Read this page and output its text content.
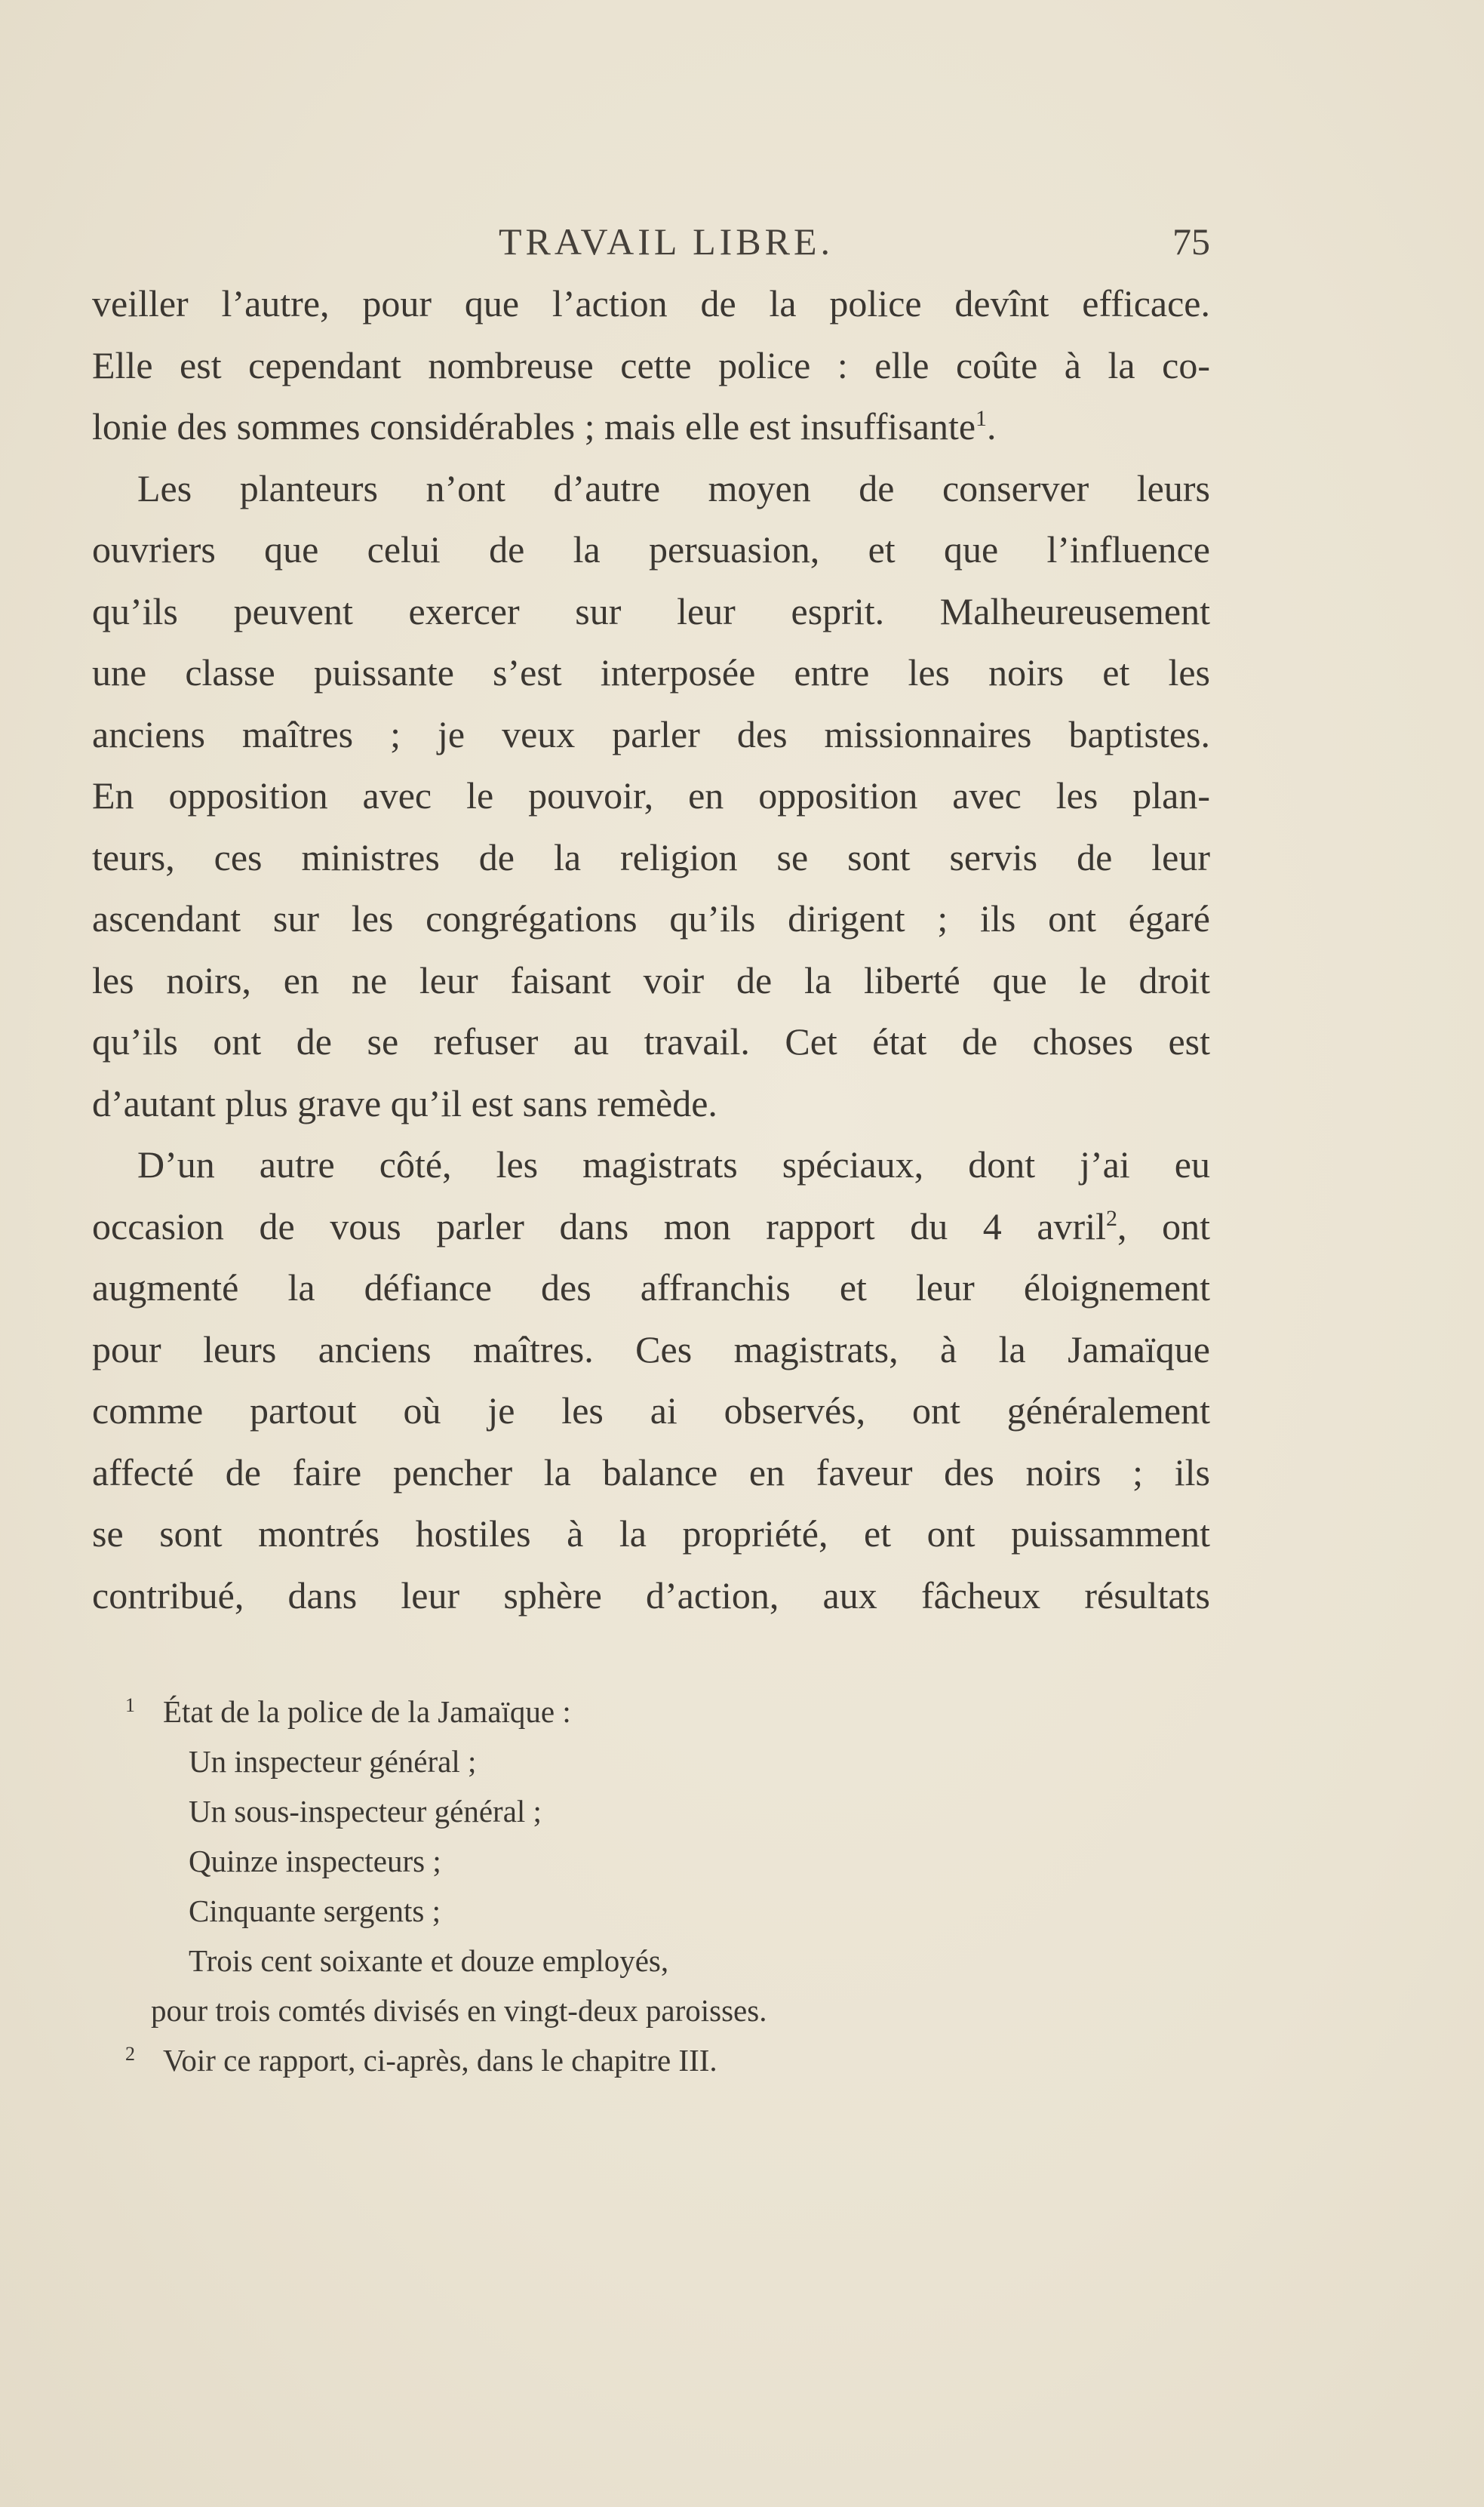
TRAVAIL LIBRE.	75
veiller l’autre, pour que l’action de la police devînt efficace.
Elle est cependant nombreuse cette police : elle coûte à la co-
lonie des sommes considérables ; mais elle est insuffisante$^1$.
Les planteurs n’ont d’autre moyen de conserver leurs
ouvriers que celui de la persuasion, et que l’influence
qu’ils peuvent exercer sur leur esprit. Malheureusement
une classe puissante s’est interposée entre les noirs et les
anciens maîtres ; je veux parler des missionnaires baptistes.
En opposition avec le pouvoir, en opposition avec les plan-
teurs, ces ministres de la religion se sont servis de leur
ascendant sur les congrégations qu’ils dirigent ; ils ont égaré
les noirs, en ne leur faisant voir de la liberté que le droit
qu’ils ont de se refuser au travail. Cet état de choses est
d’autant plus grave qu’il est sans remède.
D’un autre côté, les magistrats spéciaux, dont j’ai eu
occasion de vous parler dans mon rapport du 4 avril$^2$, ont
augmenté la défiance des affranchis et leur éloignement
pour leurs anciens maîtres. Ces magistrats, à la Jamaïque
comme partout où je les ai observés, ont généralement
affecté de faire pencher la balance en faveur des noirs ; ils
se sont montrés hostiles à la propriété, et ont puissamment
contribué, dans leur sphère d’action, aux fâcheux résultats
1 État de la police de la Jamaïque :
Un inspecteur général ;
Un sous-inspecteur général ;
Quinze inspecteurs ;
Cinquante sergents ;
Trois cent soixante et douze employés,
pour trois comtés divisés en vingt-deux paroisses.
2 Voir ce rapport, ci-après, dans le chapitre III.
